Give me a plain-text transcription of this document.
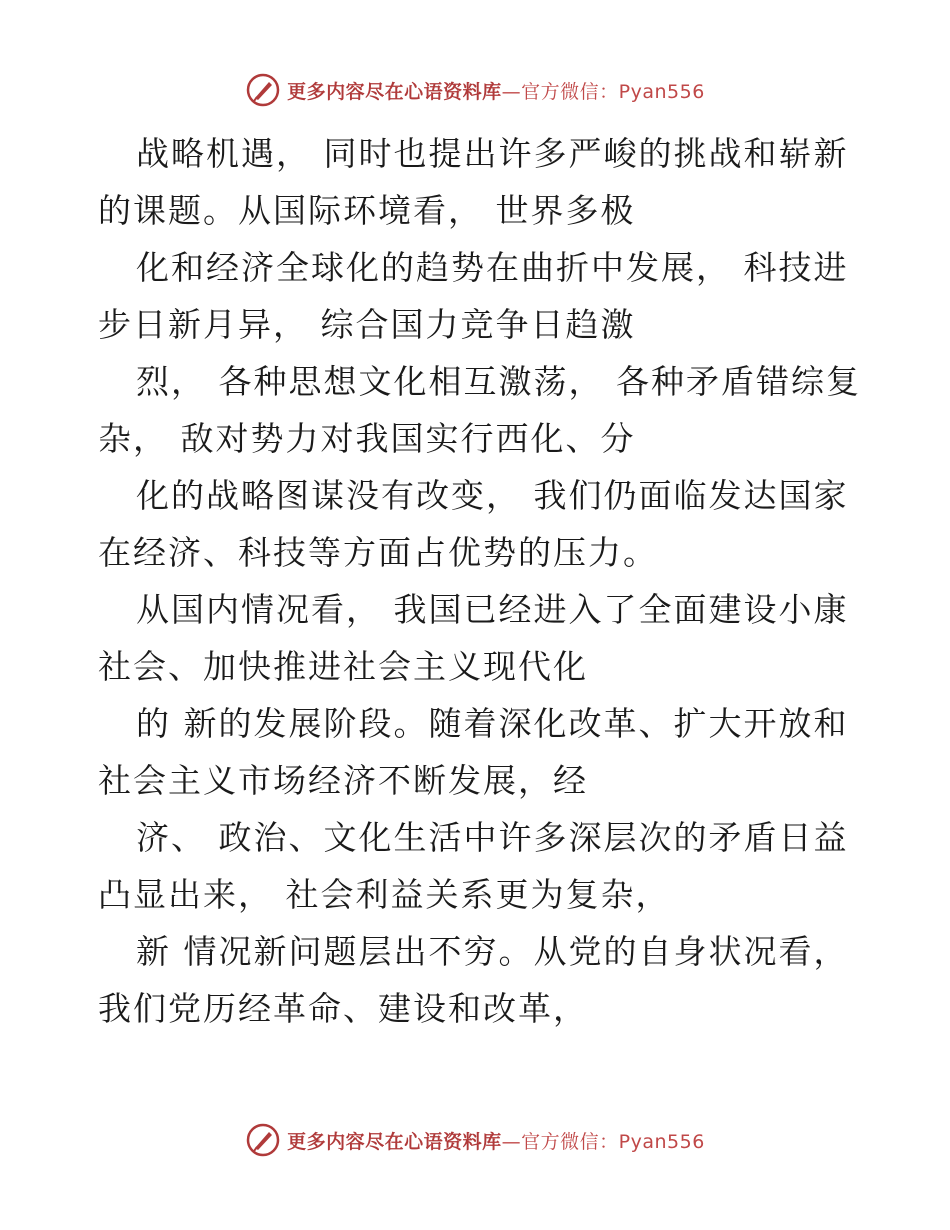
更多内容尽在心语资料库—官方微信：Pyan556
战略机遇， 同时也提出许多严峻的挑战和崭新
的课题。从国际环境看， 世界多极
化和经济全球化的趋势在曲折中发展， 科技进
步日新月异， 综合国力竞争日趋激
烈， 各种思想文化相互激荡， 各种矛盾错综复
杂， 敌对势力对我国实行西化、分
化的战略图谋没有改变， 我们仍面临发达国家
在经济、科技等方面占优势的压力。
从国内情况看， 我国已经进入了全面建设小康
社会、加快推进社会主义现代化
的 新的发展阶段。随着深化改革、扩大开放和
社会主义市场经济不断发展，经
济、 政治、文化生活中许多深层次的矛盾日益
凸显出来， 社会利益关系更为复杂，
新 情况新问题层出不穷。从党的自身状况看，
我们党历经革命、建设和改革，
更多内容尽在心语资料库—官方微信：Pyan556
